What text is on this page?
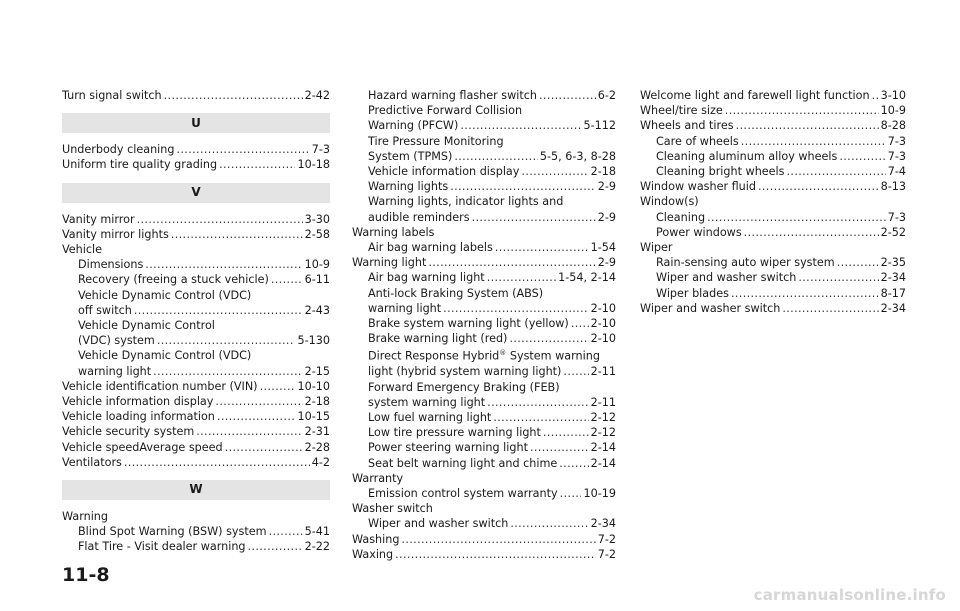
Turn signal switch . . .	2-42
U
Underbody cleaning . . .	7-3
Uniform tire quality grading . . .	10-18
V
Vanity mirror . . .	3-30
Vanity mirror lights . . .	2-58
Vehicle
Dimensions . . .	10-9
Recovery (freeing a stuck vehicle) . . .	6-11
Vehicle Dynamic Control (VDC)
off switch . . .	2-43
Vehicle Dynamic Control
(VDC) system . . .	5-130
Vehicle Dynamic Control (VDC)
warning light . . .	2-15
Vehicle identification number (VIN) . . .	10-10
Vehicle information display . . .	2-18
Vehicle loading information . . .	10-15
Vehicle security system . . .	2-31
Vehicle speedAverage speed . . .	2-28
Ventilators . . .	4-2
W
Warning
Blind Spot Warning (BSW) system . . .	5-41
Flat Tire - Visit dealer warning . . .	2-22
Hazard warning flasher switch . . .	6-2
Predictive Forward Collision
Warning (PFCW) . . .	5-112
Tire Pressure Monitoring
System (TPMS) . . .	5-5, 6-3, 8-28
Vehicle information display . . .	2-18
Warning lights . . .	2-9
Warning lights, indicator lights and
audible reminders . . .	2-9
Warning labels
Air bag warning labels . . .	1-54
Warning light . . .	2-9
Air bag warning light . . .	1-54, 2-14
Anti-lock Braking System (ABS)
warning light . . .	2-10
Brake system warning light (yellow) . . . 2-10
Brake warning light (red) . . .	2-10
Direct Response Hybrid® System warning
light (hybrid system warning light) . . .	2-11
Forward Emergency Braking (FEB)
system warning light . . .	2-11
Low fuel warning light . . .	2-12
Low tire pressure warning light . . .	2-12
Power steering warning light . . .	2-14
Seat belt warning light and chime . . .	2-14
Warranty
Emission control system warranty . . . 10-19
Washer switch
Wiper and washer switch . . .	2-34
Washing . . .	7-2
Waxing . . .	7-2
Welcome light and farewell light function . . . 3-10
Wheel/tire size . . .	10-9
Wheels and tires . . .	8-28
Care of wheels . . .	7-3
Cleaning aluminum alloy wheels . . .	7-3
Cleaning bright wheels . . .	7-4
Window washer fluid . . .	8-13
Window(s)
Cleaning . . .	7-3
Power windows . . .	2-52
Wiper
Rain-sensing auto wiper system . . .	2-35
Wiper and washer switch . . .	2-34
Wiper blades . . .	8-17
Wiper and washer switch . . .	2-34
11-8
carmanualsonline.info
